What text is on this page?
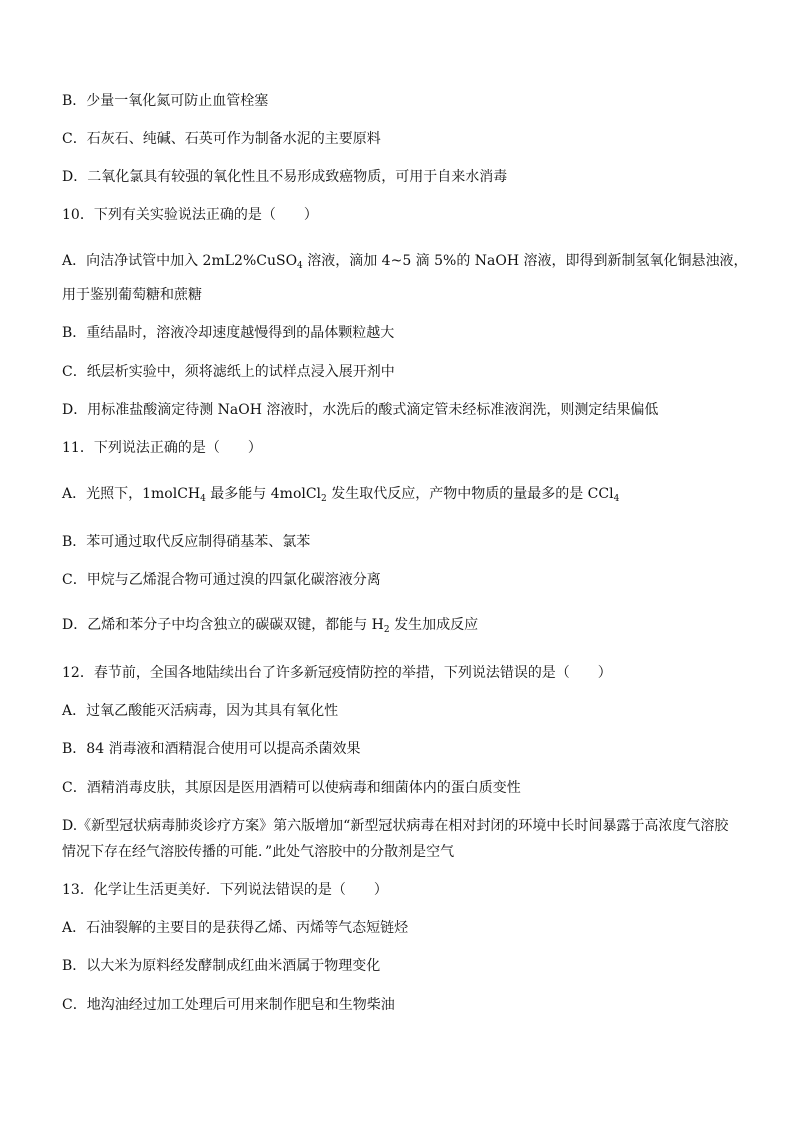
B．少量一氧化氮可防止血管栓塞
C．石灰石、纯碱、石英可作为制备水泥的主要原料
D．二氧化氯具有较强的氧化性且不易形成致癌物质，可用于自来水消毒
10．下列有关实验说法正确的是（　　）
A．向洁净试管中加入 2mL2%CuSO$_4$ 溶液，滴加 4~5 滴 5%的 NaOH 溶液，即得到新制氢氧化铜悬浊液，
用于鉴别葡萄糖和蔗糖
B．重结晶时，溶液冷却速度越慢得到的晶体颗粒越大
C．纸层析实验中，须将滤纸上的试样点浸入展开剂中
D．用标准盐酸滴定待测 NaOH 溶液时，水洗后的酸式滴定管未经标准液润洗，则测定结果偏低
11．下列说法正确的是（　　）
A．光照下，1molCH$_4$ 最多能与 4molCl$_2$ 发生取代反应，产物中物质的量最多的是 CCl$_4$
B．苯可通过取代反应制得硝基苯、氯苯
C．甲烷与乙烯混合物可通过溴的四氯化碳溶液分离
D．乙烯和苯分子中均含独立的碳碳双键，都能与 $H_2$ 发生加成反应
12．春节前，全国各地陆续出台了许多新冠疫情防控的举措，下列说法错误的是（　　）
A．过氧乙酸能灭活病毒，因为其具有氧化性
B．84 消毒液和酒精混合使用可以提高杀菌效果
C．酒精消毒皮肤，其原因是医用酒精可以使病毒和细菌体内的蛋白质变性
D.《新型冠状病毒肺炎诊疗方案》第六版增加“新型冠状病毒在相对封闭的环境中长时间暴露于高浓度气溶胶
情况下存在经气溶胶传播的可能．”此处气溶胶中的分散剂是空气
13．化学让生活更美好．下列说法错误的是（　　）
A．石油裂解的主要目的是获得乙烯、丙烯等气态短链烃
B．以大米为原料经发酵制成红曲米酒属于物理变化
C．地沟油经过加工处理后可用来制作肥皂和生物柴油
